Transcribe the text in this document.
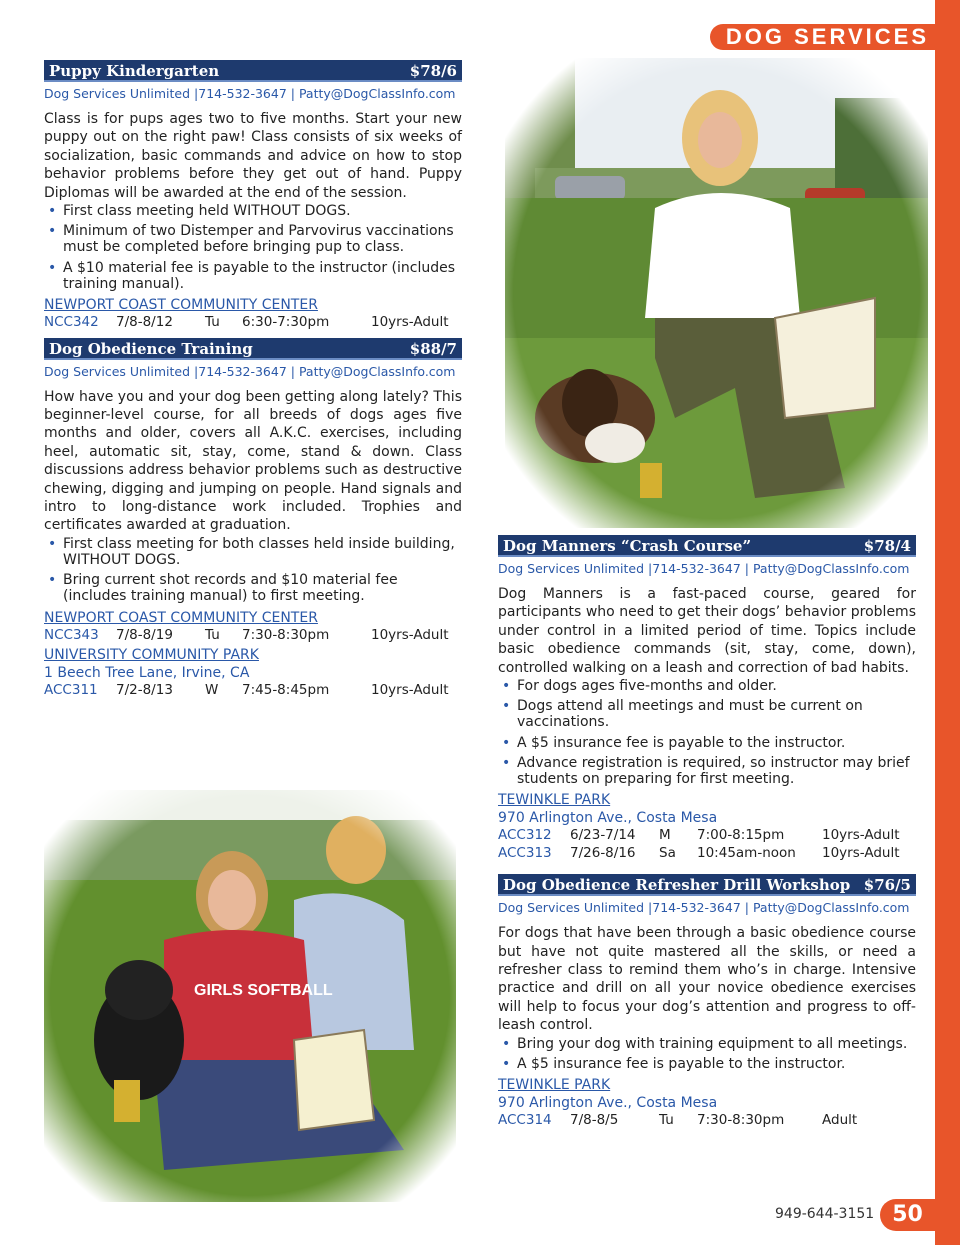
DOG SERVICES
Puppy Kindergarten	$78/6
Dog Services Unlimited |714-532-3647 | Patty@DogClassInfo.com
Class is for pups ages two to five months. Start your new puppy out on the right paw! Class consists of six weeks of socialization, basic commands and advice on how to stop behavior problems before they get out of hand. Puppy Diplomas will be awarded at the end of the session.
• First class meeting held WITHOUT DOGS.
• Minimum of two Distemper and Parvovirus vaccinations must be completed before bringing pup to class.
• A $10 material fee is payable to the instructor (includes training manual).
NEWPORT COAST COMMUNITY CENTER
NCC342	7/8-8/12	Tu	6:30-7:30pm	10yrs-Adult
Dog Obedience Training	$88/7
Dog Services Unlimited |714-532-3647 | Patty@DogClassInfo.com
How have you and your dog been getting along lately? This beginner-level course, for all breeds of dogs ages five months and older, covers all A.K.C. exercises, including heel, automatic sit, stay, come, stand & down. Class discussions address behavior problems such as destructive chewing, digging and jumping on people. Hand signals and intro to long-distance work included. Trophies and certificates awarded at graduation.
• First class meeting for both classes held inside building, WITHOUT DOGS.
• Bring current shot records and $10 material fee (includes training manual) to first meeting.
NEWPORT COAST COMMUNITY CENTER
NCC343	7/8-8/19	Tu	7:30-8:30pm	10yrs-Adult
UNIVERSITY COMMUNITY PARK
1 Beech Tree Lane, Irvine, CA
ACC311	7/2-8/13	W	7:45-8:45pm	10yrs-Adult
Dog Manners “Crash Course”	$78/4
Dog Services Unlimited |714-532-3647 | Patty@DogClassInfo.com
Dog Manners is a fast-paced course, geared for participants who need to get their dogs’ behavior problems under control in a limited period of time. Topics include basic obedience commands (sit, stay, come, down), controlled walking on a leash and correction of bad habits.
• For dogs ages five-months and older.
• Dogs attend all meetings and must be current on vaccinations.
• A $5 insurance fee is payable to the instructor.
• Advance registration is required, so instructor may brief students on preparing for first meeting.
TEWINKLE PARK
970 Arlington Ave., Costa Mesa
ACC312	6/23-7/14	M	7:00-8:15pm	10yrs-Adult
ACC313	7/26-8/16	Sa	10:45am-noon	10yrs-Adult
Dog Obedience Refresher Drill Workshop $76/5
Dog Services Unlimited |714-532-3647 | Patty@DogClassInfo.com
For dogs that have been through a basic obedience course but have not quite mastered all the skills, or need a refresher class to remind them who’s in charge. Intensive practice and drill on all your novice obedience exercises will help to focus your dog’s attention and progress to off-leash control.
• Bring your dog with training equipment to all meetings.
• A $5 insurance fee is payable to the instructor.
TEWINKLE PARK
970 Arlington Ave., Costa Mesa
ACC314	7/8-8/5	Tu	7:30-8:30pm	Adult
949-644-3151 50
